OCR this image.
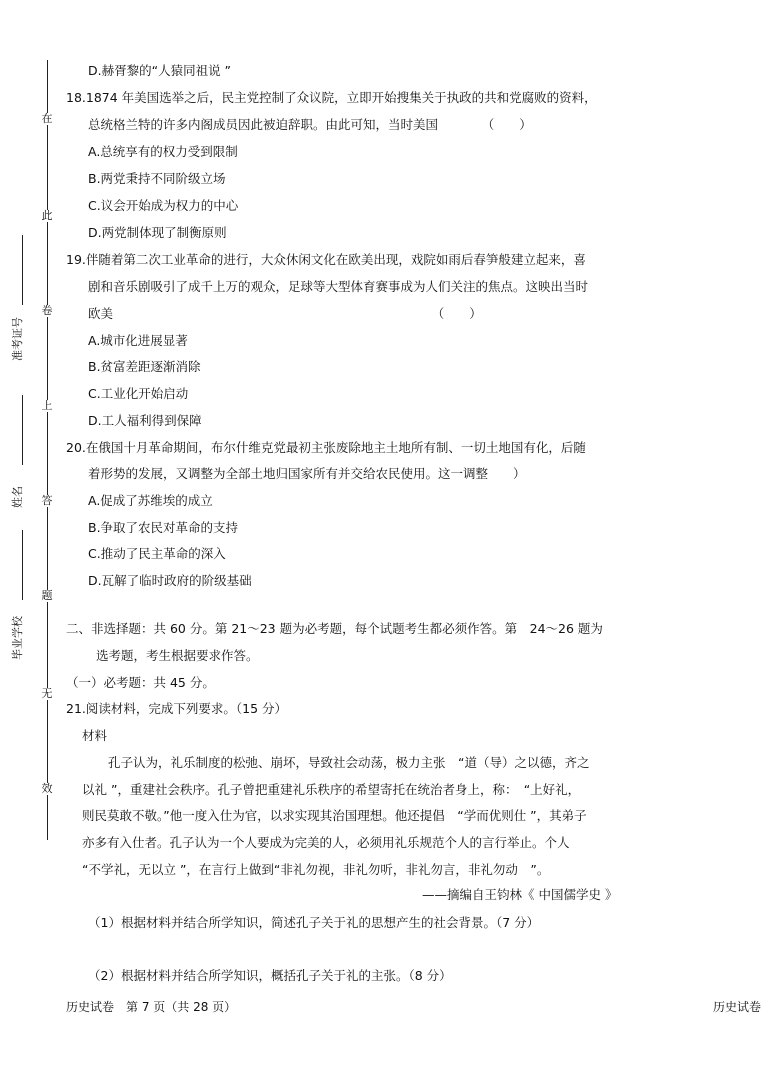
在
此
卷
上
答
题
无
效
准考证号
姓名
毕业学校
D.赫胥黎的“人猿同祖说 ”
18.1874 年美国选举之后，民主党控制了众议院，立即开始搜集关于执政的共和党腐败的资料，
总统格兰特的许多内阁成员因此被迫辞职。由此可知，当时美国　　　　（　　）
A.总统享有的权力受到限制
B.两党秉持不同阶级立场
C.议会开始成为权力的中心
D.两党制体现了制衡原则
19.伴随着第二次工业革命的进行，大众休闲文化在欧美出现，戏院如雨后春笋般建立起来，喜
剧和音乐剧吸引了成千上万的观众，足球等大型体育赛事成为人们关注的焦点。这映出当时
欧美　　　　　　　　　　　　　　　　　　　　　　　　　　（　　）
A.城市化进展显著
B.贫富差距逐渐消除
C.工业化开始启动
D.工人福利得到保障
20.在俄国十月革命期间，布尔什维克党最初主张废除地主土地所有制、一切土地国有化，后随
着形势的发展，又调整为全部土地归国家所有并交给农民使用。这一调整　　）
A.促成了苏维埃的成立
B.争取了农民对革命的支持
C.推动了民主革命的深入
D.瓦解了临时政府的阶级基础
二、非选择题：共 60 分。第 21～23 题为必考题，每个试题考生都必须作答。第　24～26 题为
选考题，考生根据要求作答。
（一）必考题：共 45 分。
21.阅读材料，完成下列要求。（15 分）
材料
孔子认为，礼乐制度的松弛、崩坏，导致社会动荡，极力主张　“道（导）之以德，齐之
以礼 ”，重建社会秩序。孔子曾把重建礼乐秩序的希望寄托在统治者身上，称：　“上好礼，
则民莫敢不敬。”他一度入仕为官，以求实现其治国理想。他还提倡　“学而优则仕 ”，其弟子
亦多有入仕者。孔子认为一个人要成为完美的人，必须用礼乐规范个人的言行举止。个人
“不学礼，无以立 ”，在言行上做到“非礼勿视，非礼勿听，非礼勿言，非礼勿动　”。
——摘编自王钧林《 中国儒学史 》
（1）根据材料并结合所学知识，简述孔子关于礼的思想产生的社会背景。（7 分）
（2）根据材料并结合所学知识，概括孔子关于礼的主张。（8 分）
历史试卷　第 7 页（共 28 页）	历史试卷
